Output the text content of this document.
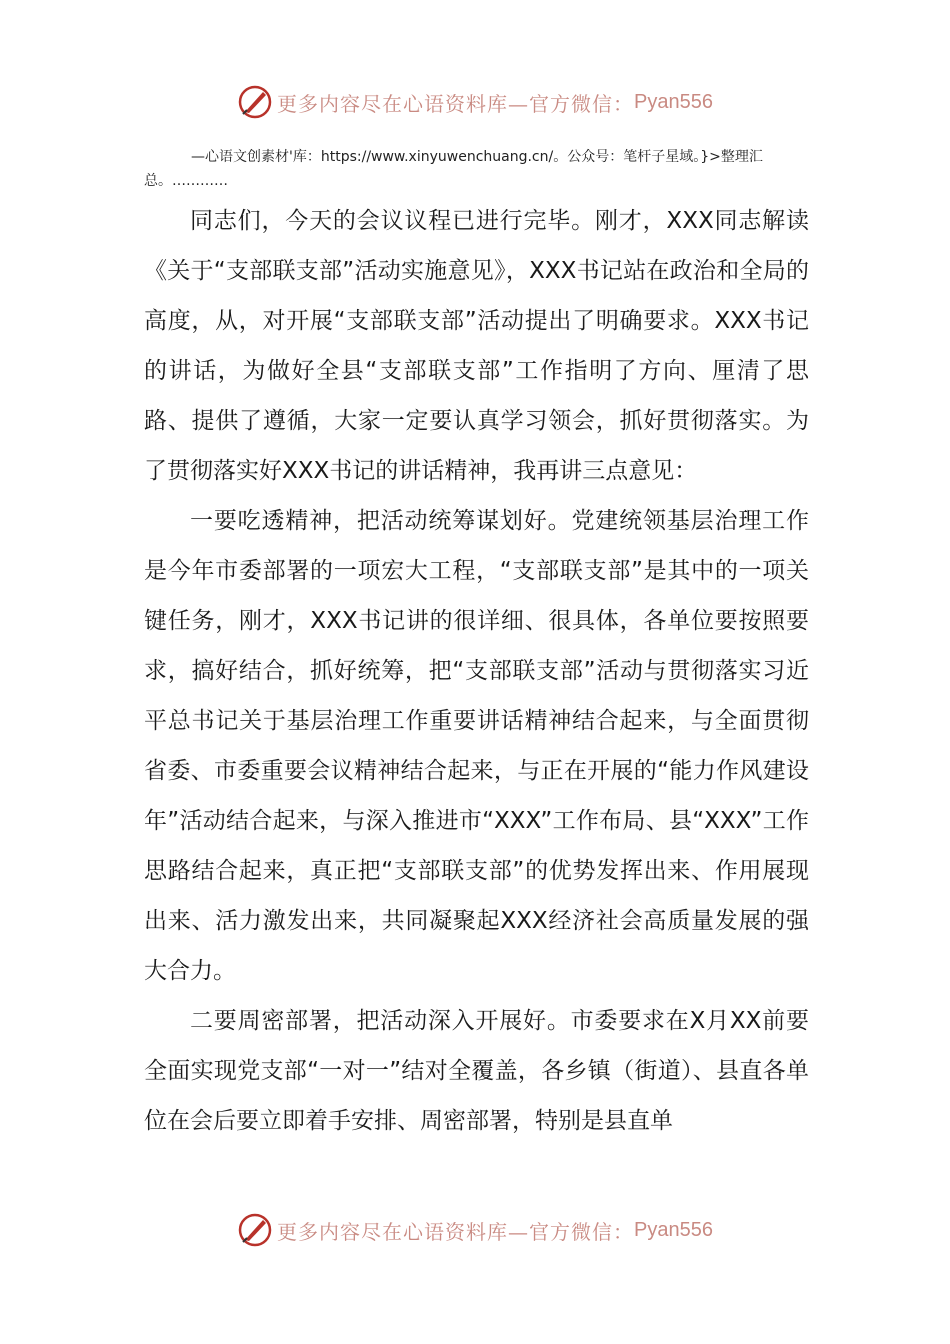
更多内容尽在心语资料库—官方微信： Pyan556
—心语文创素材'库：https://www.xinyuwenchuang.cn/。公众号：笔杆子星域。}>整理汇总。…………

同志们，今天的会议议程已进行完毕。刚才，XXX同志解读《关于“支部联支部”活动实施意见》，XXX书记站在政治和全局的高度，从，对开展“支部联支部”活动提出了明确要求。XXX书记的讲话，为做好全县“支部联支部”工作指明了方向、厘清了思路、提供了遵循，大家一定要认真学习领会，抓好贯彻落实。为了贯彻落实好XXX书记的讲话精神，我再讲三点意见：

一要吃透精神，把活动统筹谋划好。党建统领基层治理工作是今年市委部署的一项宏大工程，“支部联支部”是其中的一项关键任务，刚才，XXX书记讲的很详细、很具体，各单位要按照要求，搞好结合，抓好统筹，把“支部联支部”活动与贯彻落实习近平总书记关于基层治理工作重要讲话精神结合起来，与全面贯彻省委、市委重要会议精神结合起来，与正在开展的“能力作风建设年”活动结合起来，与深入推进市“XXX”工作布局、县“XXX”工作思路结合起来，真正把“支部联支部”的优势发挥出来、作用展现出来、活力激发出来，共同凝聚起XXX经济社会高质量发展的强大合力。

二要周密部署，把活动深入开展好。市委要求在X月XX前要全面实现党支部“一对一”结对全覆盖，各乡镇（街道）、县直各单位在会后要立即着手安排、周密部署，特别是县直单

更多内容尽在心语资料库—官方微信： Pyan556
